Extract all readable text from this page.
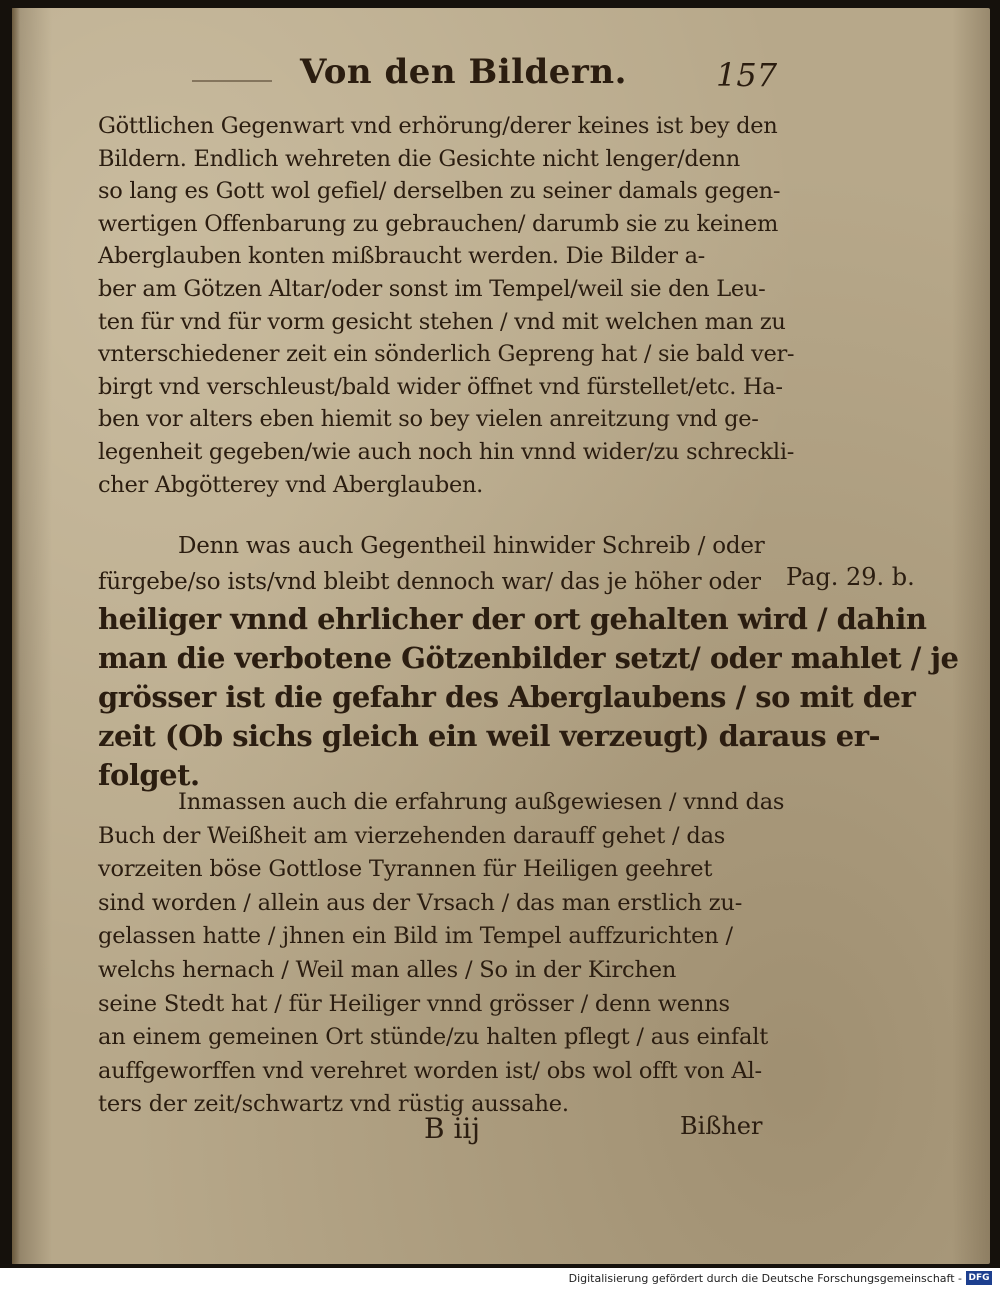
Von den Bildern.	157
Göttlichen Gegenwart vnd erhörung/derer keines ist bey den
Bildern. Endlich wehreten die Gesichte nicht lenger/denn
so lang es Gott wol gefiel/ derselben zu seiner damals gegen-
wertigen Offenbarung zu gebrauchen/ darumb sie zu keinem
Aberglauben konten mißbraucht werden. Die Bilder a-
ber am Götzen Altar/oder sonst im Tempel/weil sie den Leu-
ten für vnd für vorm gesicht stehen / vnd mit welchen man zu
vnterschiedener zeit ein sönderlich Gepreng hat / sie bald ver-
birgt vnd verschleust/bald wider öffnet vnd fürstellet/etc. Ha-
ben vor alters eben hiemit so bey vielen anreitzung vnd ge-
legenheit gegeben/wie auch noch hin vnnd wider/zu schreckli-
cher Abgötterey vnd Aberglauben.
Denn was auch Gegentheil hinwider Schreib / oder
fürgebe/so ists/vnd bleibt dennoch war/ das je höher oder
heiliger vnnd ehrlicher der ort gehalten wird / dahin
man die verbotene Götzenbilder setzt/ oder mahlet / je
grösser ist die gefahr des Aberglaubens / so mit der
zeit (Ob sichs gleich ein weil verzeugt) daraus er-
folget.
Pag. 29. b.
Inmassen auch die erfahrung außgewiesen / vnnd das
Buch der Weißheit am vierzehenden darauff gehet / das
vorzeiten böse Gottlose Tyrannen für Heiligen geehret
sind worden / allein aus der Vrsach / das man erstlich zu-
gelassen hatte / jhnen ein Bild im Tempel auffzurichten /
welchs hernach / Weil man alles / So in der Kirchen
seine Stedt hat / für Heiliger vnnd grösser / denn wenns
an einem gemeinen Ort stünde/zu halten pflegt / aus einfalt
auffgeworffen vnd verehret worden ist/ obs wol offt von Al-
ters der zeit/schwartz vnd rüstig aussahe.
B iij	Bißher
Digitalisierung gefördert durch die Deutsche Forschungsgemeinschaft - DFG
